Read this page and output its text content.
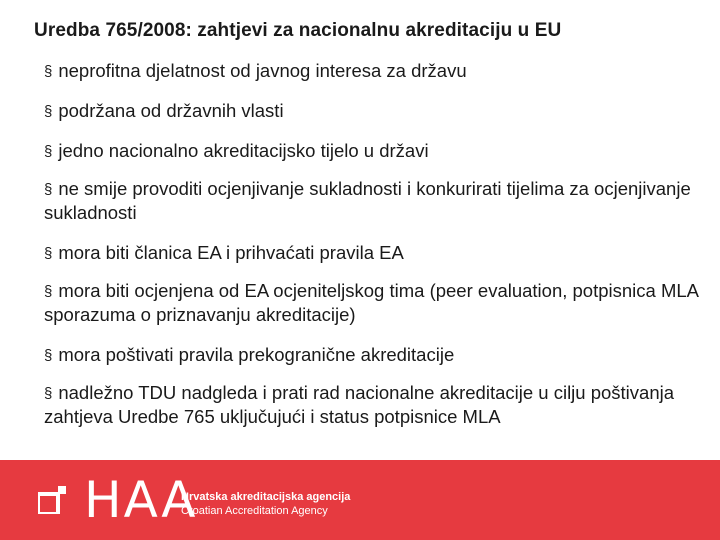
Uredba 765/2008: zahtjevi za nacionalnu akreditaciju u EU
§ neprofitna djelatnost od javnog interesa za državu
§ podržana od državnih vlasti
§ jedno nacionalno akreditacijsko tijelo u državi
§ ne smije provoditi ocjenjivanje sukladnosti i konkurirati tijelima za ocjenjivanje sukladnosti
§ mora biti članica EA i prihvaćati pravila EA
§ mora biti ocjenjena od EA ocjeniteljskog tima (peer evaluation, potpisnica MLA sporazuma o priznavanju akreditacije)
§ mora poštivati pravila prekogranične akreditacije
§ nadležno TDU nadgleda i prati rad nacionalne akreditacije u cilju poštivanja zahtjeva Uredbe 765 uključujući i status potpisnice MLA
HAA
Hrvatska akreditacijska agencija
Croatian Accreditation Agency
